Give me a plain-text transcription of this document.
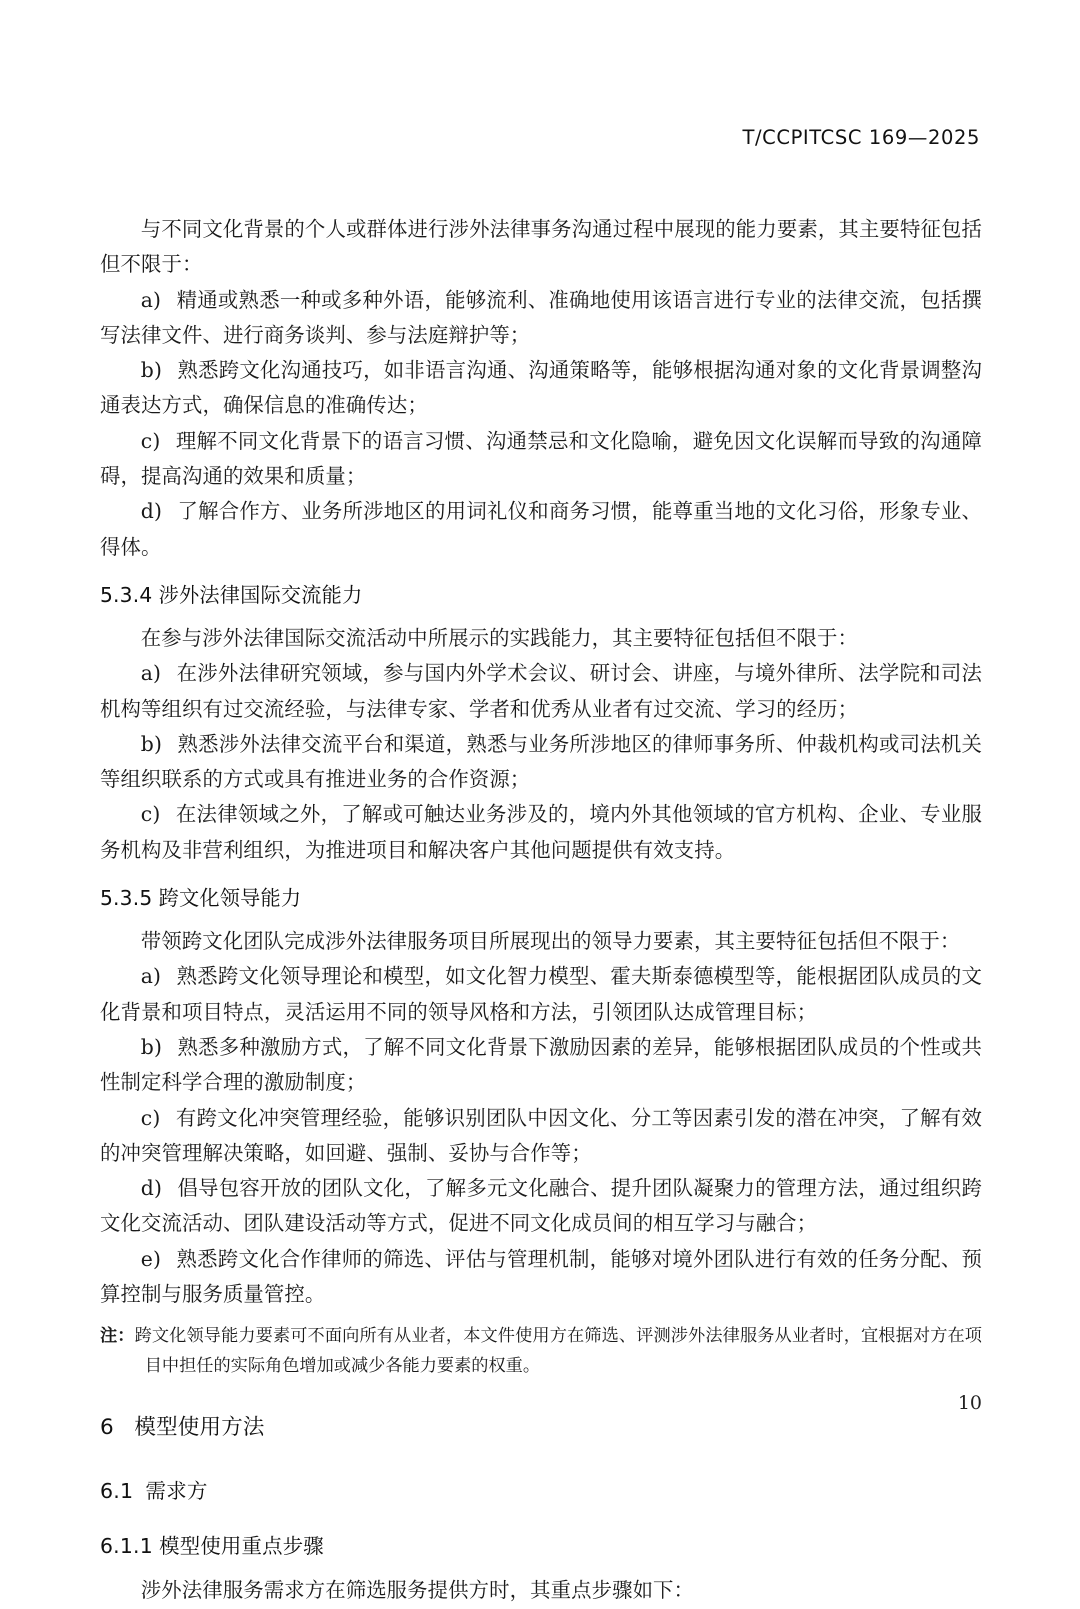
T/CCPITCSC 169—2025

与不同文化背景的个人或群体进行涉外法律事务沟通过程中展现的能力要素，其主要特征包括但不限于：

a) 精通或熟悉一种或多种外语，能够流利、准确地使用该语言进行专业的法律交流，包括撰写法律文件、进行商务谈判、参与法庭辩护等；

b) 熟悉跨文化沟通技巧，如非语言沟通、沟通策略等，能够根据沟通对象的文化背景调整沟通表达方式，确保信息的准确传达；

c) 理解不同文化背景下的语言习惯、沟通禁忌和文化隐喻，避免因文化误解而导致的沟通障碍，提高沟通的效果和质量；

d) 了解合作方、业务所涉地区的用词礼仪和商务习惯，能尊重当地的文化习俗，形象专业、得体。

5.3.4 涉外法律国际交流能力

在参与涉外法律国际交流活动中所展示的实践能力，其主要特征包括但不限于：

a) 在涉外法律研究领域，参与国内外学术会议、研讨会、讲座，与境外律所、法学院和司法机构等组织有过交流经验，与法律专家、学者和优秀从业者有过交流、学习的经历；

b) 熟悉涉外法律交流平台和渠道，熟悉与业务所涉地区的律师事务所、仲裁机构或司法机关等组织联系的方式或具有推进业务的合作资源；

c) 在法律领域之外，了解或可触达业务涉及的，境内外其他领域的官方机构、企业、专业服务机构及非营利组织，为推进项目和解决客户其他问题提供有效支持。

5.3.5 跨文化领导能力

带领跨文化团队完成涉外法律服务项目所展现出的领导力要素，其主要特征包括但不限于：

a) 熟悉跨文化领导理论和模型，如文化智力模型、霍夫斯泰德模型等，能根据团队成员的文化背景和项目特点，灵活运用不同的领导风格和方法，引领团队达成管理目标；

b) 熟悉多种激励方式，了解不同文化背景下激励因素的差异，能够根据团队成员的个性或共性制定科学合理的激励制度；

c) 有跨文化冲突管理经验，能够识别团队中因文化、分工等因素引发的潜在冲突，了解有效的冲突管理解决策略，如回避、强制、妥协与合作等；

d) 倡导包容开放的团队文化，了解多元文化融合、提升团队凝聚力的管理方法，通过组织跨文化交流活动、团队建设活动等方式，促进不同文化成员间的相互学习与融合；

e) 熟悉跨文化合作律师的筛选、评估与管理机制，能够对境外团队进行有效的任务分配、预算控制与服务质量管控。

注：跨文化领导能力要素可不面向所有从业者，本文件使用方在筛选、评测涉外法律服务从业者时，宜根据对方在项目中担任的实际角色增加或减少各能力要素的权重。

6 模型使用方法
6.1 需求方
6.1.1 模型使用重点步骤

涉外法律服务需求方在筛选服务提供方时，其重点步骤如下：

10
